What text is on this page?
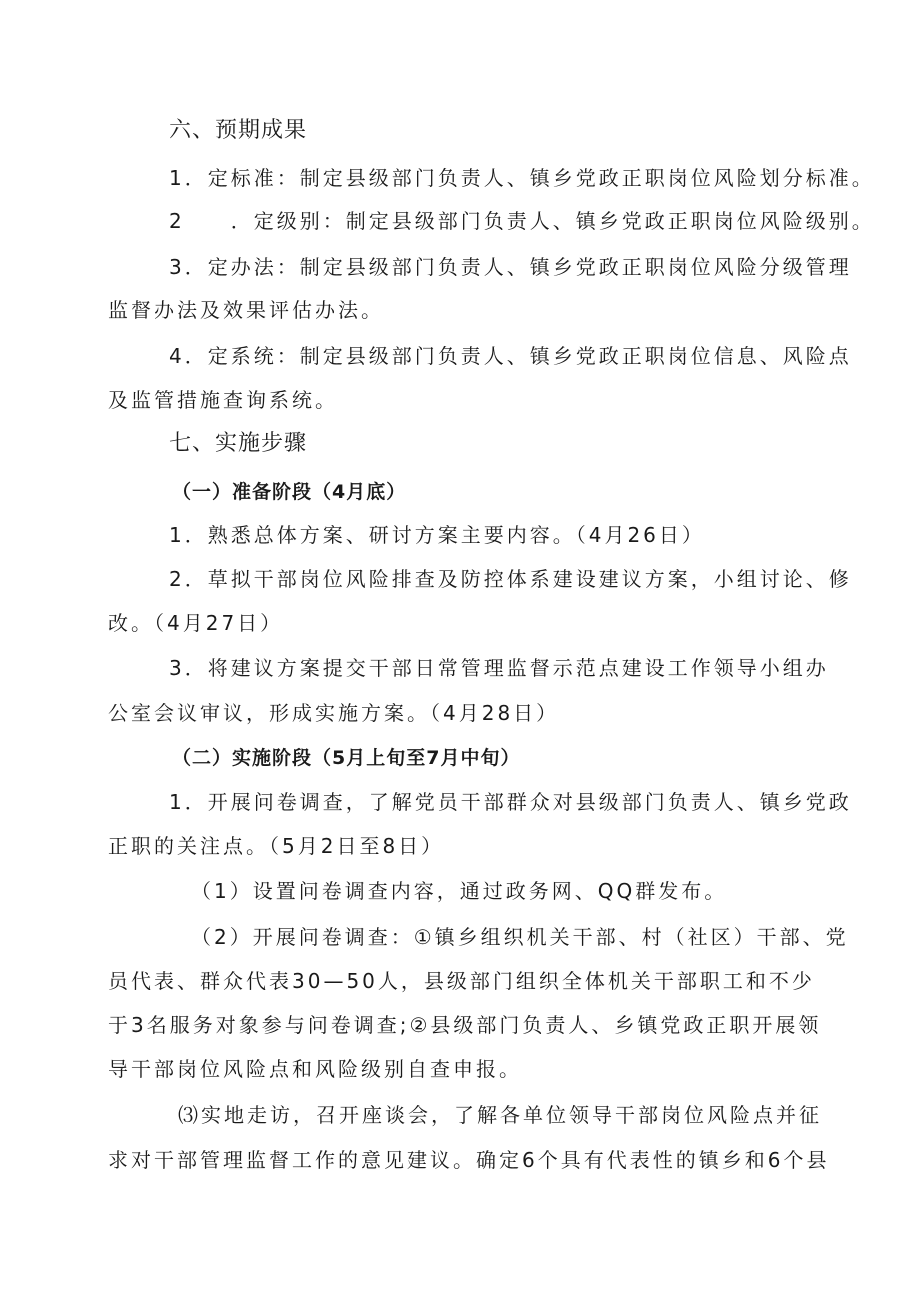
六、预期成果

1．定标准：制定县级部门负责人、镇乡党政正职岗位风险划分标准。

2　　．定级别：制定县级部门负责人、镇乡党政正职岗位风险级别。

3．定办法：制定县级部门负责人、镇乡党政正职岗位风险分级管理

监督办法及效果评估办法。

4．定系统：制定县级部门负责人、镇乡党政正职岗位信息、风险点

及监管措施查询系统。

七、实施步骤

（一）准备阶段（4月底）

1．熟悉总体方案、研讨方案主要内容。（4月26日）

2．草拟干部岗位风险排查及防控体系建设建议方案，小组讨论、修

改。（4月27日）

3．将建议方案提交干部日常管理监督示范点建设工作领导小组办

公室会议审议，形成实施方案。（4月28日）

（二）实施阶段（5月上旬至7月中旬）

1．开展问卷调查，了解党员干部群众对县级部门负责人、镇乡党政

正职的关注点。（5月2日至8日）

（1）设置问卷调查内容，通过政务网、QQ群发布。

（2）开展问卷调查：①镇乡组织机关干部、村（社区）干部、党

员代表、群众代表30—50人，县级部门组织全体机关干部职工和不少

于3名服务对象参与问卷调查;②县级部门负责人、乡镇党政正职开展领

导干部岗位风险点和风险级别自查申报。

⑶实地走访，召开座谈会，了解各单位领导干部岗位风险点并征

求对干部管理监督工作的意见建议。确定6个具有代表性的镇乡和6个县
